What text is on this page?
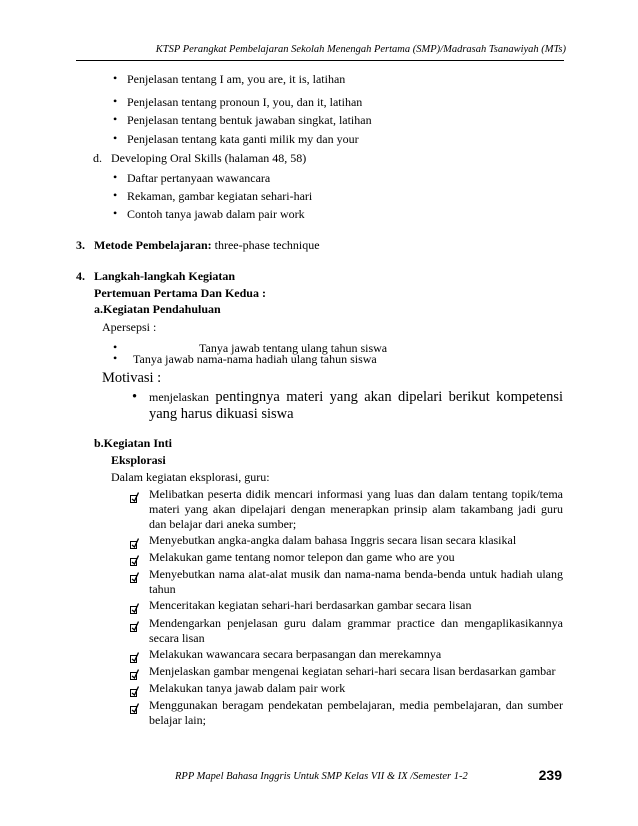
KTSP Perangkat Pembelajaran Sekolah Menengah Pertama (SMP)/Madrasah Tsanawiyah (MTs)
• Penjelasan tentang I am, you are, it is, latihan
• Penjelasan tentang pronoun I, you, dan it, latihan
• Penjelasan tentang bentuk jawaban singkat, latihan
• Penjelasan tentang kata ganti milik my dan your
d. Developing Oral Skills (halaman 48, 58)
• Daftar pertanyaan wawancara
• Rekaman, gambar kegiatan sehari-hari
• Contoh tanya jawab dalam pair work
3. Metode Pembelajaran: three-phase technique
4. Langkah-langkah Kegiatan
Pertemuan Pertama Dan Kedua :
a.Kegiatan Pendahuluan
Apersepsi :
•	Tanya jawab tentang ulang tahun siswa
• Tanya jawab nama-nama hadiah ulang tahun siswa
Motivasi :
• menjelaskan pentingnya materi yang akan dipelari berikut kompetensi yang harus dikuasi siswa
b.Kegiatan Inti
Eksplorasi
Dalam kegiatan eksplorasi, guru:
Melibatkan peserta didik mencari informasi yang luas dan dalam tentang topik/tema materi yang akan dipelajari dengan menerapkan prinsip alam takambang jadi guru dan belajar dari aneka sumber;
Menyebutkan angka-angka dalam bahasa Inggris secara lisan secara klasikal
Melakukan game tentang nomor telepon dan game who are you
Menyebutkan nama alat-alat musik dan nama-nama benda-benda untuk hadiah ulang tahun
Menceritakan kegiatan sehari-hari berdasarkan gambar secara lisan
Mendengarkan penjelasan guru dalam grammar practice dan mengaplikasikannya secara lisan
Melakukan wawancara secara berpasangan dan merekamnya
Menjelaskan gambar mengenai kegiatan sehari-hari secara lisan berdasarkan gambar
Melakukan tanya jawab dalam pair work
Menggunakan beragam pendekatan pembelajaran, media pembelajaran, dan sumber belajar lain;
RPP Mapel Bahasa Inggris Untuk SMP Kelas VII & IX /Semester 1-2	239
